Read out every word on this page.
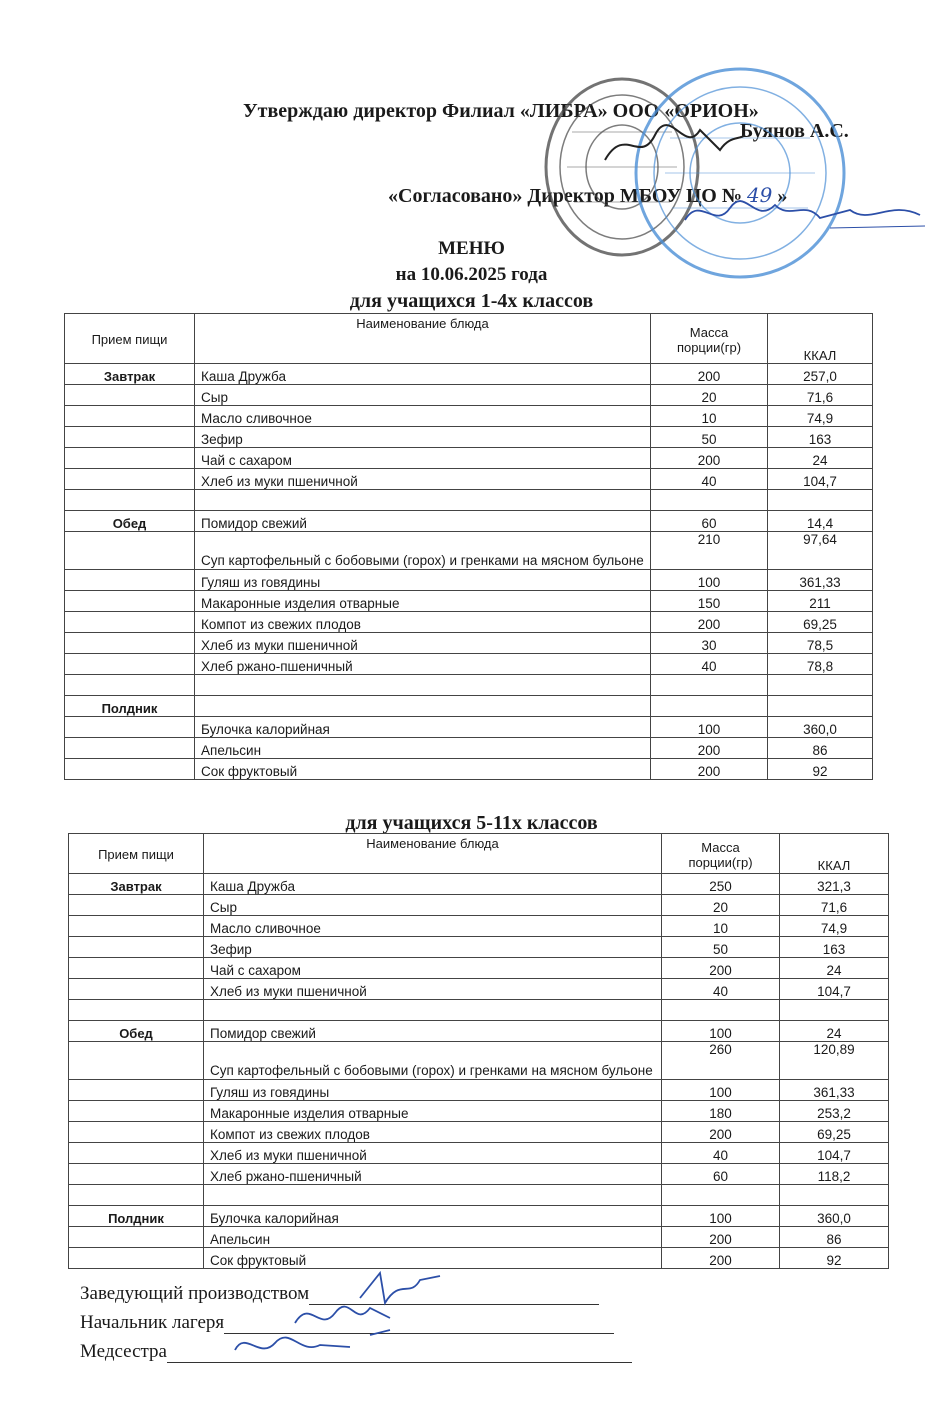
Утверждаю директор Филиал «ЛИБРА» ООО «ОРИОН»
Буянов А.С.
«Согласовано» Директор МБОУ ЦО № 49 »
МЕНЮ
на 10.06.2025 года
для учащихся 1-4х классов
Прием пищи	Наименование блюда	Масса
порции(гр)	ККАЛ
Завтрак	Каша Дружба	200	257,0
	Сыр	20	71,6
	Масло сливочное	10	74,9
	Зефир	50	163
	Чай с сахаром	200	24
	Хлеб из муки пшеничной	40	104,7

Обед	Помидор свежий	60	14,4
	Суп картофельный с бобовыми (горох) и гренками на мясном бульоне	210	97,64
	Гуляш из говядины	100	361,33
	Макаронные изделия отварные	150	211
	Компот из свежих плодов	200	69,25
	Хлеб из муки пшеничной	30	78,5
	Хлеб ржано-пшеничный	40	78,8

Полдник			
	Булочка калорийная	100	360,0
	Апельсин	200	86
	Сок фруктовый	200	92
для учащихся 5-11х классов
Прием пищи	Наименование блюда	Масса
порции(гр)	ККАЛ
Завтрак	Каша Дружба	250	321,3
	Сыр	20	71,6
	Масло сливочное	10	74,9
	Зефир	50	163
	Чай с сахаром	200	24
	Хлеб из муки пшеничной	40	104,7

Обед	Помидор свежий	100	24
	Суп картофельный с бобовыми (горох) и гренками на мясном бульоне	260	120,89
	Гуляш из говядины	100	361,33
	Макаронные изделия отварные	180	253,2
	Компот из свежих плодов	200	69,25
	Хлеб из муки пшеничной	40	104,7
	Хлеб ржано-пшеничный	60	118,2

Полдник	Булочка калорийная	100	360,0
	Апельсин	200	86
	Сок фруктовый	200	92
Заведующий производством
Начальник лагеря
Медсестра
